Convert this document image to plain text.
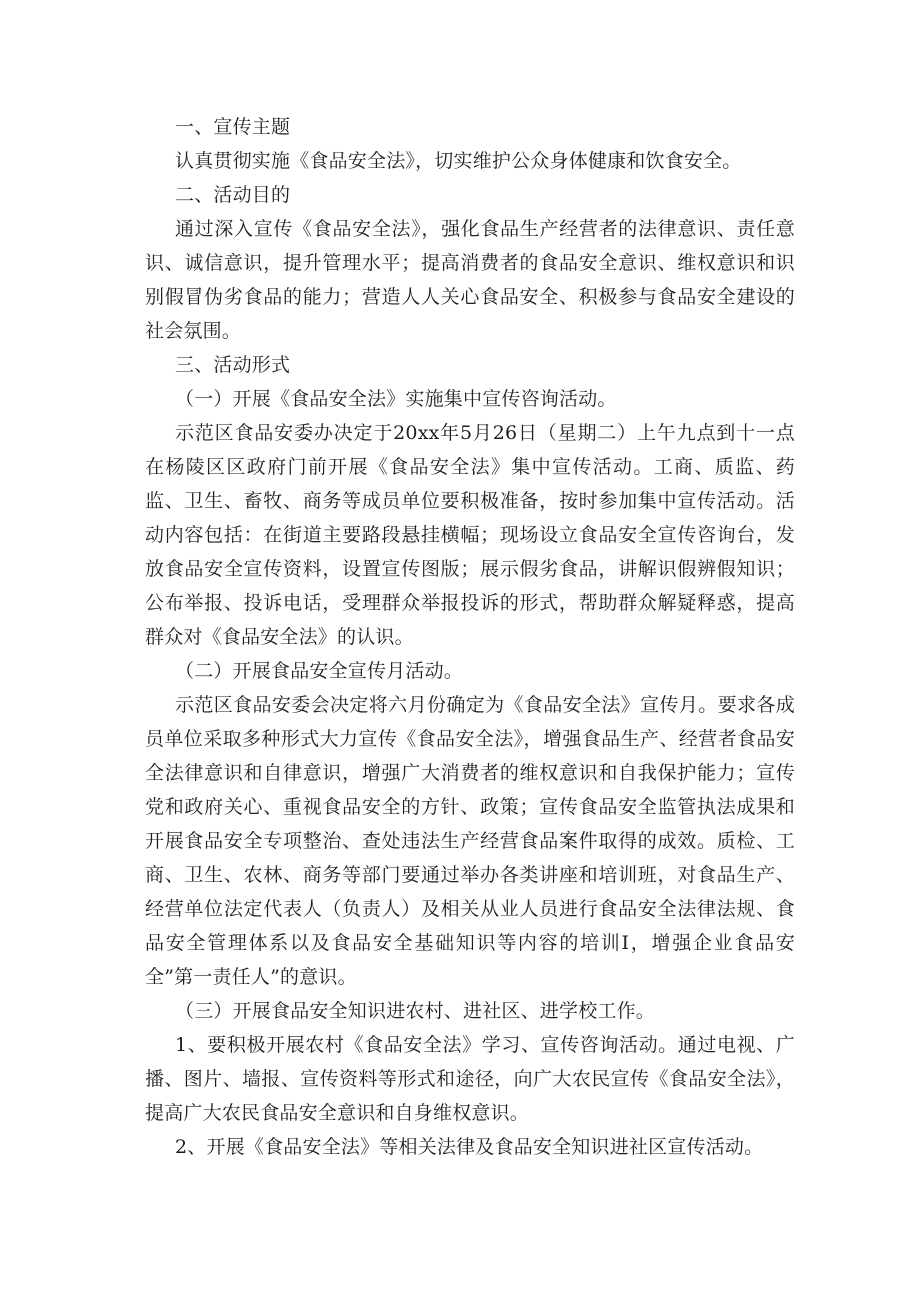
一、宣传主题

认真贯彻实施《食品安全法》，切实维护公众身体健康和饮食安全。

二、活动目的

通过深入宣传《食品安全法》，强化食品生产经营者的法律意识、责任意识、诚信意识，提升管理水平；提高消费者的食品安全意识、维权意识和识别假冒伪劣食品的能力；营造人人关心食品安全、积极参与食品安全建设的社会氛围。

三、活动形式

（一）开展《食品安全法》实施集中宣传咨询活动。

示范区食品安委办决定于20xx年5月26日（星期二）上午九点到十一点在杨陵区区政府门前开展《食品安全法》集中宣传活动。工商、质监、药监、卫生、畜牧、商务等成员单位要积极准备，按时参加集中宣传活动。活动内容包括：在街道主要路段悬挂横幅；现场设立食品安全宣传咨询台，发放食品安全宣传资料，设置宣传图版；展示假劣食品，讲解识假辨假知识；公布举报、投诉电话，受理群众举报投诉的形式，帮助群众解疑释惑，提高群众对《食品安全法》的认识。

（二）开展食品安全宣传月活动。

示范区食品安委会决定将六月份确定为《食品安全法》宣传月。要求各成员单位采取多种形式大力宣传《食品安全法》，增强食品生产、经营者食品安全法律意识和自律意识，增强广大消费者的维权意识和自我保护能力；宣传党和政府关心、重视食品安全的方针、政策；宣传食品安全监管执法成果和开展食品安全专项整治、查处违法生产经营食品案件取得的成效。质检、工商、卫生、农林、商务等部门要通过举办各类讲座和培训班，对食品生产、经营单位法定代表人（负责人）及相关从业人员进行食品安全法律法规、食品安全管理体系以及食品安全基础知识等内容的培训I，增强企业食品安全”第一责任人”的意识。

（三）开展食品安全知识进农村、进社区、进学校工作。

1、要积极开展农村《食品安全法》学习、宣传咨询活动。通过电视、广播、图片、墙报、宣传资料等形式和途径，向广大农民宣传《食品安全法》，提高广大农民食品安全意识和自身维权意识。

2、开展《食品安全法》等相关法律及食品安全知识进社区宣传活动。
